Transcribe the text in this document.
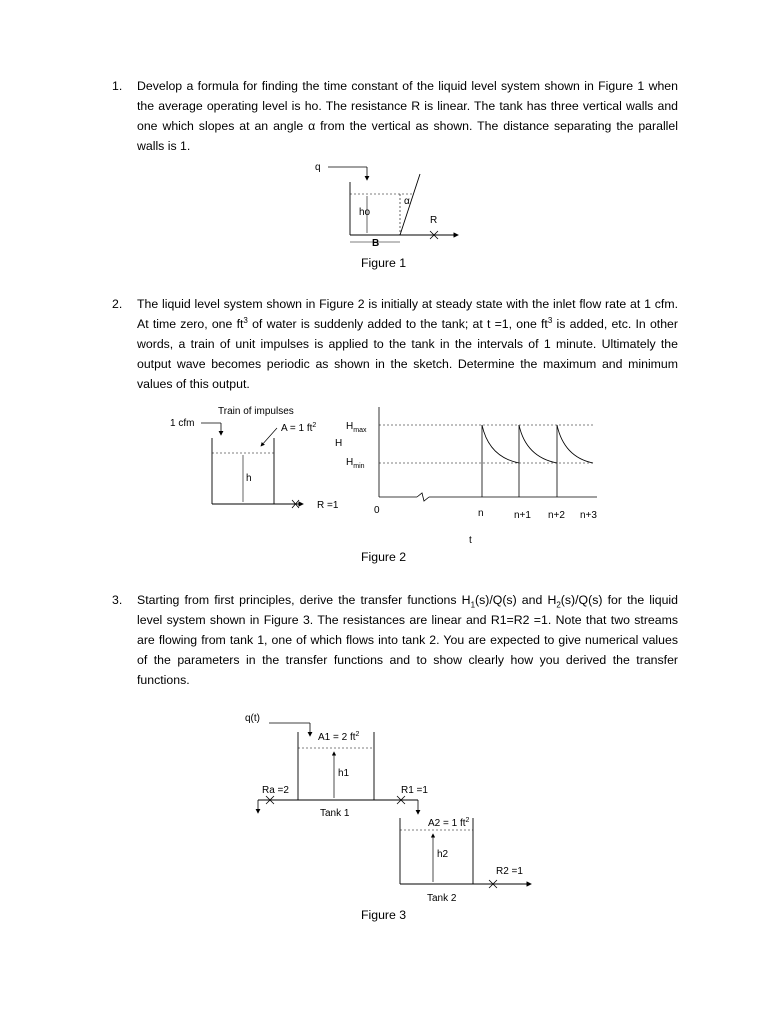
1. Develop a formula for finding the time constant of the liquid level system shown in Figure 1 when the average operating level is ho. The resistance R is linear. The tank has three vertical walls and one which slopes at an angle α from the vertical as shown. The distance separating the parallel walls is 1.
q
ho
α
R
B
Figure 1
2. The liquid level system shown in Figure 2 is initially at steady state with the inlet flow rate at 1 cfm. At time zero, one $ft^3$ of water is suddenly added to the tank; at t =1, one $ft^3$ is added, etc. In other words, a train of unit impulses is applied to the tank in the intervals of 1 minute. Ultimately the output wave becomes periodic as shown in the sketch. Determine the maximum and minimum values of this output.
Train of impulses
1 cfm	A = 1 $ft^2$
h
R =1
$H_{max}$
H
$H_{min}$
0	n	n+1 n+2 n+3
t
Figure 2
3. Starting from first principles, derive the transfer functions $H_1(s)/Q(s)$ and $H_2(s)/Q(s)$ for the liquid level system shown in Figure 3. The resistances are linear and R1=R2 =1. Note that two streams are flowing from tank 1, one of which flows into tank 2. You are expected to give numerical values of the parameters in the transfer functions and to show clearly how you derived the transfer functions.
q(t)
A1 = 2 $ft^2$
h1
Ra =2
Tank 1
R1 =1
A2 = 1 $ft^2$
h2
R2 =1
Tank 2
Figure 3
